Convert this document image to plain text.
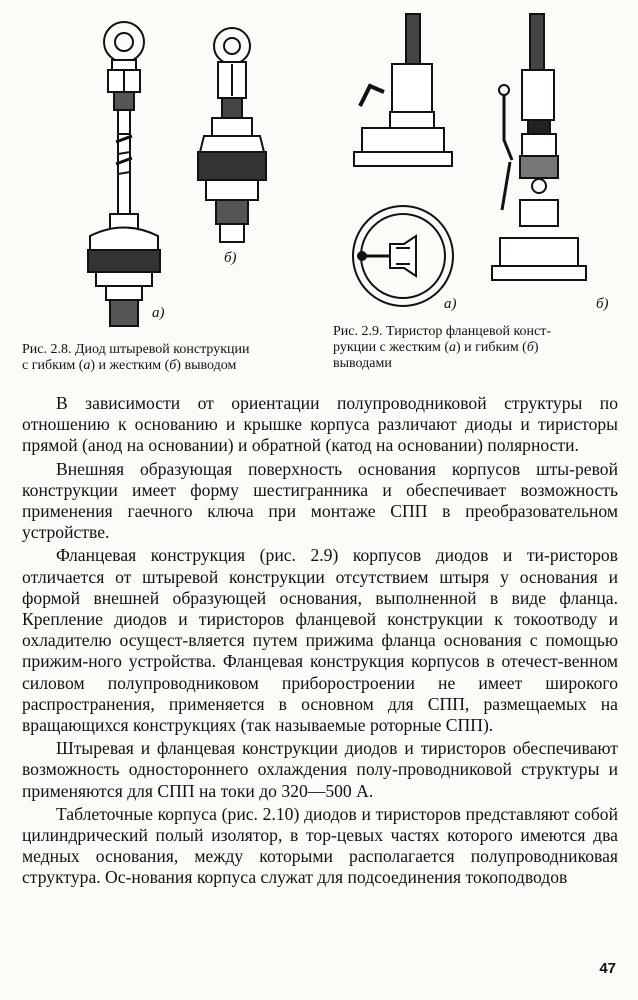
а)
б)
а)	б)
Рис. 2.8. Диод штыревой конструкции
с гибким (а) и жестким (б) выводом
Рис. 2.9. Тиристор фланцевой конст-
рукции с жестким (а) и гибким (б)
выводами

В зависимости от ориентации полупроводниковой структуры по отношению к основанию и крышке корпуса различают диоды и тиристоры прямой (анод на основании) и обратной (катод на основании) полярности.

Внешняя образующая поверхность основания корпусов шты-ревой конструкции имеет форму шестигранника и обеспечивает возможность применения гаечного ключа при монтаже СПП в преобразовательном устройстве.

Фланцевая конструкция (рис. 2.9) корпусов диодов и ти-ристоров отличается от штыревой конструкции отсутствием штыря у основания и формой внешней образующей основания, выполненной в виде фланца. Крепление диодов и тиристоров фланцевой конструкции к токоотводу и охладителю осущест-вляется путем прижима фланца основания с помощью прижим-ного устройства. Фланцевая конструкция корпусов в отечест-венном силовом полупроводниковом приборостроении не имеет широкого распространения, применяется в основном для СПП, размещаемых на вращающихся конструкциях (так называемые роторные СПП).

Штыревая и фланцевая конструкции диодов и тиристоров обеспечивают возможность одностороннего охлаждения полу-проводниковой структуры и применяются для СПП на токи до 320—500 А.

Таблеточные корпуса (рис. 2.10) диодов и тиристоров представляют собой цилиндрический полый изолятор, в тор-цевых частях которого имеются два медных основания, между которыми располагается полупроводниковая структура. Ос-нования корпуса служат для подсоединения токоподводов

47
